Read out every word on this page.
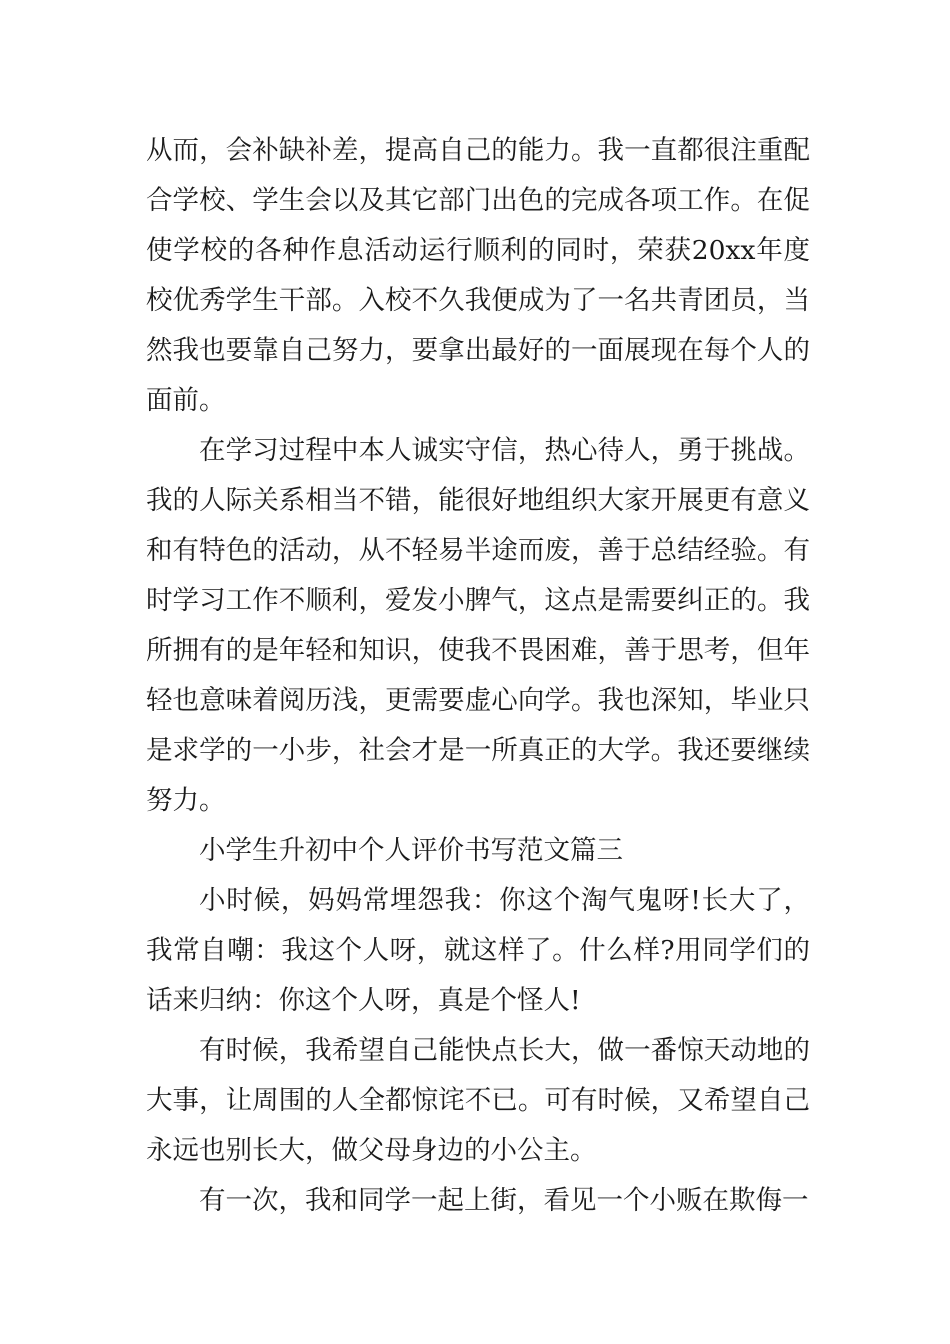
从而，会补缺补差，提高自己的能力。我一直都很注重配合学校、学生会以及其它部门出色的完成各项工作。在促使学校的各种作息活动运行顺利的同时，荣获20xx年度校优秀学生干部。入校不久我便成为了一名共青团员，当然我也要靠自己努力，要拿出最好的一面展现在每个人的面前。

在学习过程中本人诚实守信，热心待人，勇于挑战。我的人际关系相当不错，能很好地组织大家开展更有意义和有特色的活动，从不轻易半途而废，善于总结经验。有时学习工作不顺利，爱发小脾气，这点是需要纠正的。我所拥有的是年轻和知识，使我不畏困难，善于思考，但年轻也意味着阅历浅，更需要虚心向学。我也深知，毕业只是求学的一小步，社会才是一所真正的大学。我还要继续努力。

小学生升初中个人评价书写范文篇三

小时候，妈妈常埋怨我：你这个淘气鬼呀!长大了，我常自嘲：我这个人呀，就这样了。什么样?用同学们的话来归纳：你这个人呀，真是个怪人!

有时候，我希望自己能快点长大，做一番惊天动地的大事，让周围的人全都惊诧不已。可有时候，又希望自己永远也别长大，做父母身边的小公主。

有一次，我和同学一起上街，看见一个小贩在欺侮一
